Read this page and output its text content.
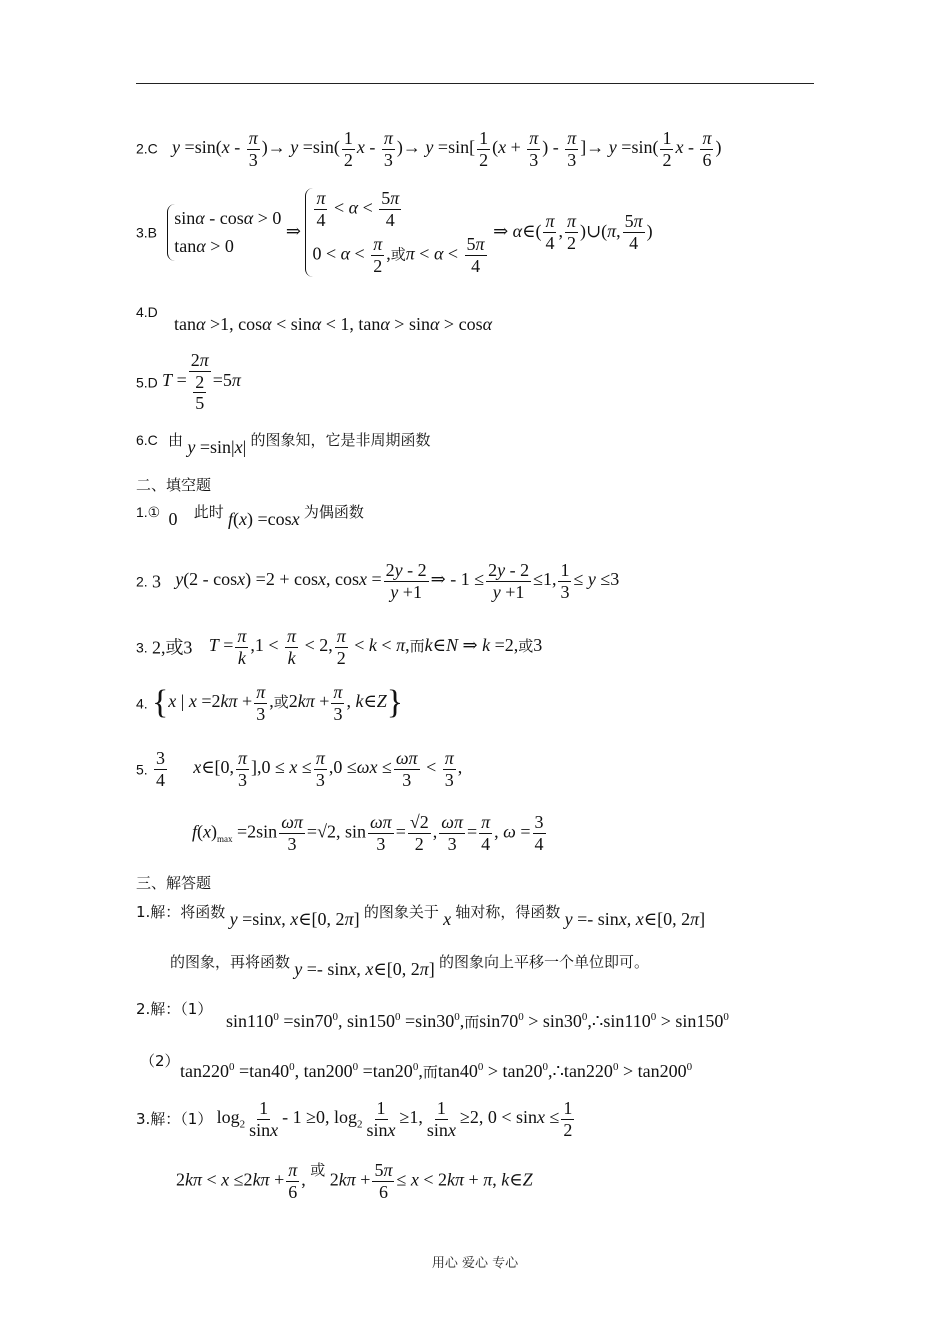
2.C $y =\sin(x - \frac{\pi}{3}$ )→ $y =\sin( \frac{1}{2}$ x - $\frac{\pi}{3}$ )→ $y =\sin[ \frac{1}{2} (x + \frac{\pi}{3}$ ) - $\frac{\pi}{3}$ ]→ $y =\sin( \frac{1}{2}$ x - $\frac{\pi}{6}$ )
3.B
sinα - cosα > 0
tanα > 0
⇒
$\frac{\pi}{4} < \alpha < \frac{5\pi}{4}$
$0 < \alpha < \frac{\pi}{2}$ ,或$\pi < \alpha < \frac{5\pi}{4}$
⇒ α∈( $\frac{\pi}{4}$ , $\frac{\pi}{2}$ )∪(π, $\frac{5\pi}{4}$ )
4.D
tanα >1, cosα < sinα < 1, tanα > sinα > cosα
5.D $T = \frac{2\pi}{\frac{2}{5}} =5\pi$
6.C 由 y =sin|x| 的图象知，它是非周期函数
二、填空题
1.① 0 此时 f(x) =cosx 为偶函数
2. 3 y(2 - cosx) =2 + cosx, $\cos x = \frac{2y - 2}{y +1}$ ⇒ - $1 \le \frac{2y - 2}{y +1} \le 1$, $\frac{1}{3} \le y \le 3$
3. 2,或3 $T = \frac{\pi}{k} ,1 < \frac{\pi}{k} < 2$, $\frac{\pi}{2} < k < \pi$,而k∈N ⇒ k =2,或3
4. {x | $x =2k\pi + \frac{\pi}{3}$ ,或$2k\pi + \frac{\pi}{3}$ , k∈Z}
5. $\frac{3}{4}$ x∈[0, $\frac{\pi}{3} ],0 \le x \le \frac{\pi}{3} ,0 \le\omega x \le \frac{\omega\pi}{3} < \frac{\pi}{3}$ ,
$f(x)_{max} =2\sin \frac{\omega\pi}{3} =√2$, $\sin \frac{\omega\pi}{3} = \frac{√2}{2}$ , $\frac{\omega\pi}{3} = \frac{\pi}{4}$ , $\omega = \frac{3}{4}$
三、解答题
1.解：将函数 y =sinx, x∈[0, 2π] 的图象关于 x 轴对称，得函数 y =- sinx, x∈[0, 2π]
的图象，再将函数 y =- sinx, x∈[0, 2π] 的图象向上平移一个单位即可。
2.解：（1）
$\sin 110^0 =\sin 70^0$, $\sin 150^0 =\sin 30^0$,而$\sin 70^0$ > $\sin 30^0,\therefore\sin 110^0 > \sin 150^0$
（2） $\tan 220^0 =\tan 40^0$, $\tan 200^0 =\tan 20^0$,而$\tan 40^0$ > $\tan 20^0,\therefore\tan 220^0 > \tan 200^0$
3.解：（1） $\log_2 \frac{1}{\sin x} - 1 \ge 0$, $\log_2 \frac{1}{\sin x} \ge 1$, $\frac{1}{\sin x} \ge 2$, $0 < \sin x \le \frac{1}{2}$
$2k\pi < x \le 2k\pi + \frac{\pi}{6}$ , $^或$ $2k\pi + \frac{5\pi}{6} \le x < 2k\pi + \pi$, k∈Z
用心 爱心 专心
